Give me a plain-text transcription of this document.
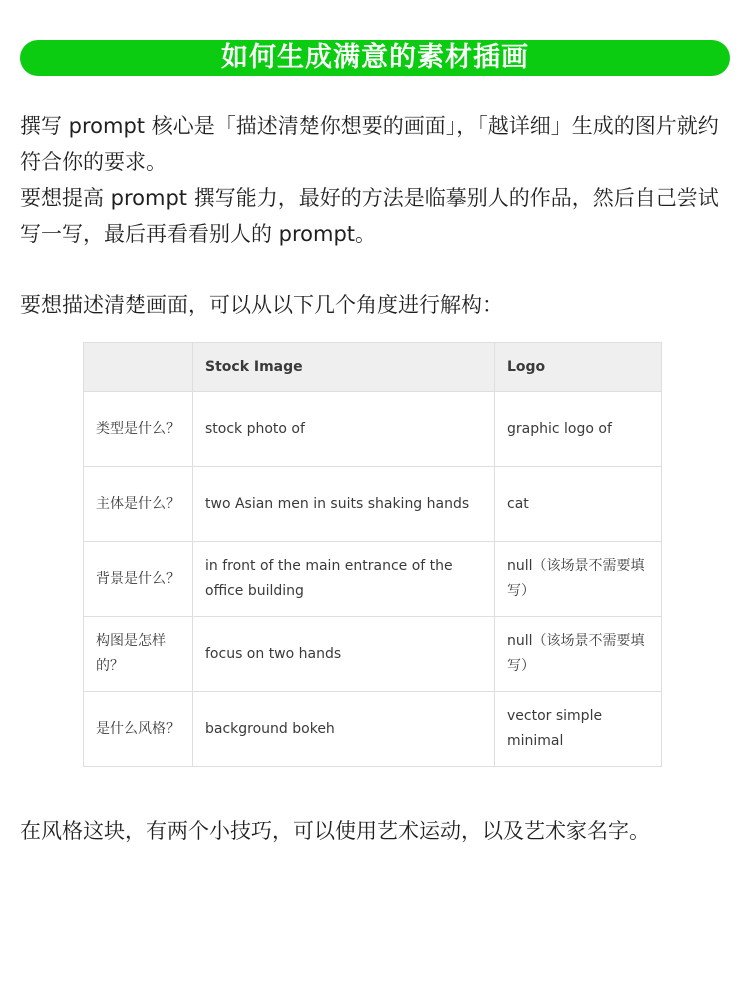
如何生成满意的素材插画

撰写 prompt 核心是「描述清楚你想要的画面」，「越详细」生成的图片就约符合你的要求。

要想提高 prompt 撰写能力，最好的方法是临摹别人的作品，然后自己尝试写一写，最后再看看别人的 prompt。

要想描述清楚画面，可以从以下几个角度进行解构：

	Stock Image	Logo
类型是什么？	stock photo of	graphic logo of
主体是什么？	two Asian men in suits shaking hands	cat
背景是什么？	in front of the main entrance of the office building	null（该场景不需要填写）
构图是怎样的？	focus on two hands	null（该场景不需要填写）
是什么风格？	background bokeh	vector simple minimal

在风格这块，有两个小技巧，可以使用艺术运动，以及艺术家名字。
